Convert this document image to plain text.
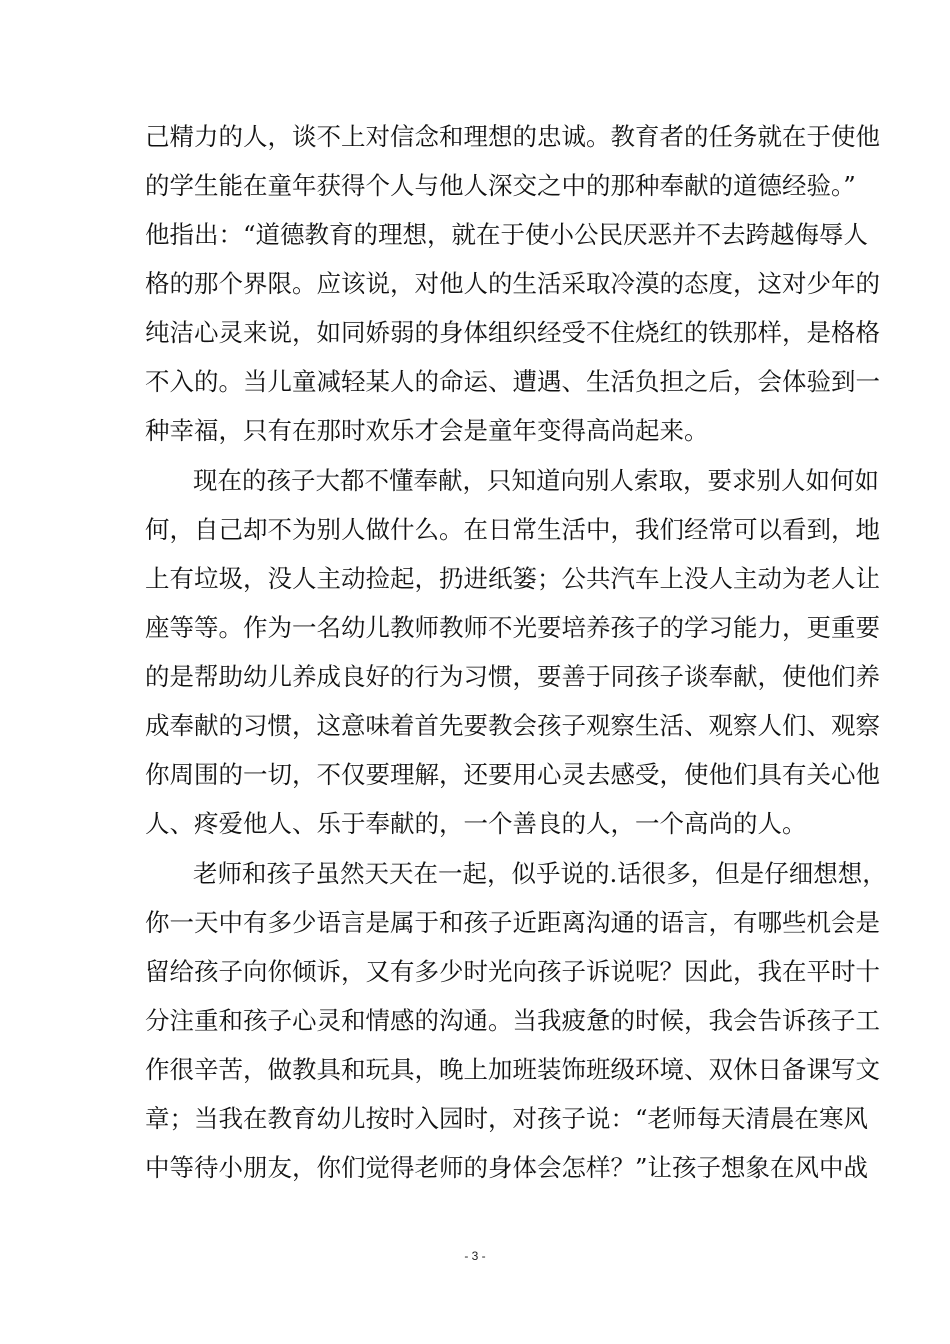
己精力的人，谈不上对信念和理想的忠诚。教育者的任务就在于使他
的学生能在童年获得个人与他人深交之中的那种奉献的道德经验。”
他指出：“道德教育的理想，就在于使小公民厌恶并不去跨越侮辱人
格的那个界限。应该说，对他人的生活采取冷漠的态度，这对少年的
纯洁心灵来说，如同娇弱的身体组织经受不住烧红的铁那样，是格格
不入的。当儿童减轻某人的命运、遭遇、生活负担之后，会体验到一
种幸福，只有在那时欢乐才会是童年变得高尚起来。
现在的孩子大都不懂奉献，只知道向别人索取，要求别人如何如
何，自己却不为别人做什么。在日常生活中，我们经常可以看到，地
上有垃圾，没人主动捡起，扔进纸篓；公共汽车上没人主动为老人让
座等等。作为一名幼儿教师教师不光要培养孩子的学习能力，更重要
的是帮助幼儿养成良好的行为习惯，要善于同孩子谈奉献，使他们养
成奉献的习惯，这意味着首先要教会孩子观察生活、观察人们、观察
你周围的一切，不仅要理解，还要用心灵去感受，使他们具有关心他
人、疼爱他人、乐于奉献的，一个善良的人，一个高尚的人。
老师和孩子虽然天天在一起，似乎说的.话很多，但是仔细想想，
你一天中有多少语言是属于和孩子近距离沟通的语言，有哪些机会是
留给孩子向你倾诉，又有多少时光向孩子诉说呢？因此，我在平时十
分注重和孩子心灵和情感的沟通。当我疲惫的时候，我会告诉孩子工
作很辛苦，做教具和玩具，晚上加班装饰班级环境、双休日备课写文
章；当我在教育幼儿按时入园时，对孩子说：“老师每天清晨在寒风
中等待小朋友，你们觉得老师的身体会怎样？”让孩子想象在风中战
- 3 -
